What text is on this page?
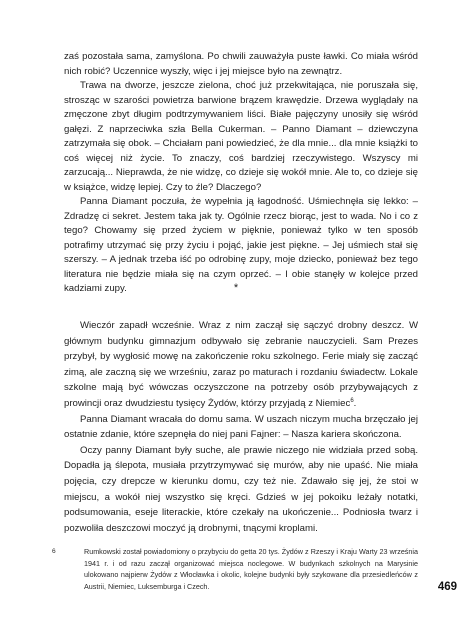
zaś pozostała sama, zamyślona. Po chwili zauważyła puste ławki. Co miała wśród nich robić? Uczennice wyszły, więc i jej miejsce było na zewnątrz.

Trawa na dworze, jeszcze zielona, choć już przekwitająca, nie poruszała się, strosząc w szarości powietrza barwione brązem krawędzie. Drzewa wyglądały na zmęczone zbyt długim podtrzymywaniem liści. Białe pajęczyny unosiły się wśród gałęzi. Z naprzeciwka szła Bella Cukerman. – Panno Diamant – dziewczyna zatrzymała się obok. – Chciałam pani powiedzieć, że dla mnie... dla mnie książki to coś więcej niż życie. To znaczy, coś bardziej rzeczywistego. Wszyscy mi zarzucają... Nieprawda, że nie widzę, co dzieje się wokół mnie. Ale to, co dzieje się w książce, widzę lepiej. Czy to źle? Dlaczego?

Panna Diamant poczuła, że wypełnia ją łagodność. Uśmiechnęła się lekko: – Zdradzę ci sekret. Jestem taka jak ty. Ogólnie rzecz biorąc, jest to wada. No i co z tego? Chowamy się przed życiem w pięknie, ponieważ tylko w ten sposób potrafimy utrzymać się przy życiu i pojąć, jakie jest piękne. – Jej uśmiech stał się szerszy. – A jednak trzeba iść po odrobinę zupy, moje dziecko, ponieważ bez tego literatura nie będzie miała się na czym oprzeć. – I obie stanęły w kolejce przed kadziami zupy.	*

Wieczór zapadł wcześnie. Wraz z nim zaczął się sączyć drobny deszcz. W głównym budynku gimnazjum odbywało się zebranie nauczycieli. Sam Prezes przybył, by wygłosić mowę na zakończenie roku szkolnego. Ferie miały się zacząć zimą, ale zaczną się we wrześniu, zaraz po maturach i rozdaniu świadectw. Lokale szkolne mają być wówczas oczyszczone na potrzeby osób przybywających z prowincji oraz dwudziestu tysięcy Żydów, którzy przyjadą z Niemiec$^6$.

Panna Diamant wracała do domu sama. W uszach niczym mucha brzęczało jej ostatnie zdanie, które szepnęła do niej pani Fajner: – Nasza kariera skończona.

Oczy panny Diamant były suche, ale prawie niczego nie widziała przed sobą. Dopadła ją ślepota, musiała przytrzymywać się murów, aby nie upaść. Nie miała pojęcia, czy drepcze w kierunku domu, czy też nie. Zdawało się jej, że stoi w miejscu, a wokół niej wszystko się kręci. Gdzieś w jej pokoiku leżały notatki, podsumowania, eseje literackie, które czekały na ukończenie... Podniosła twarz i pozwoliła deszczowi moczyć ją drobnymi, tnącymi kroplami.

6	Rumkowski został powiadomiony o przybyciu do getta 20 tys. Żydów z Rzeszy i Kraju Warty 23 września 1941 r. i od razu zaczął organizować miejsca noclegowe. W budynkach szkolnych na Marysinie ulokowano najpierw Żydów z Włocławka i okolic, kolejne budynki były szykowane dla przesiedleńców z Austrii, Niemiec, Luksemburga i Czech.	469
